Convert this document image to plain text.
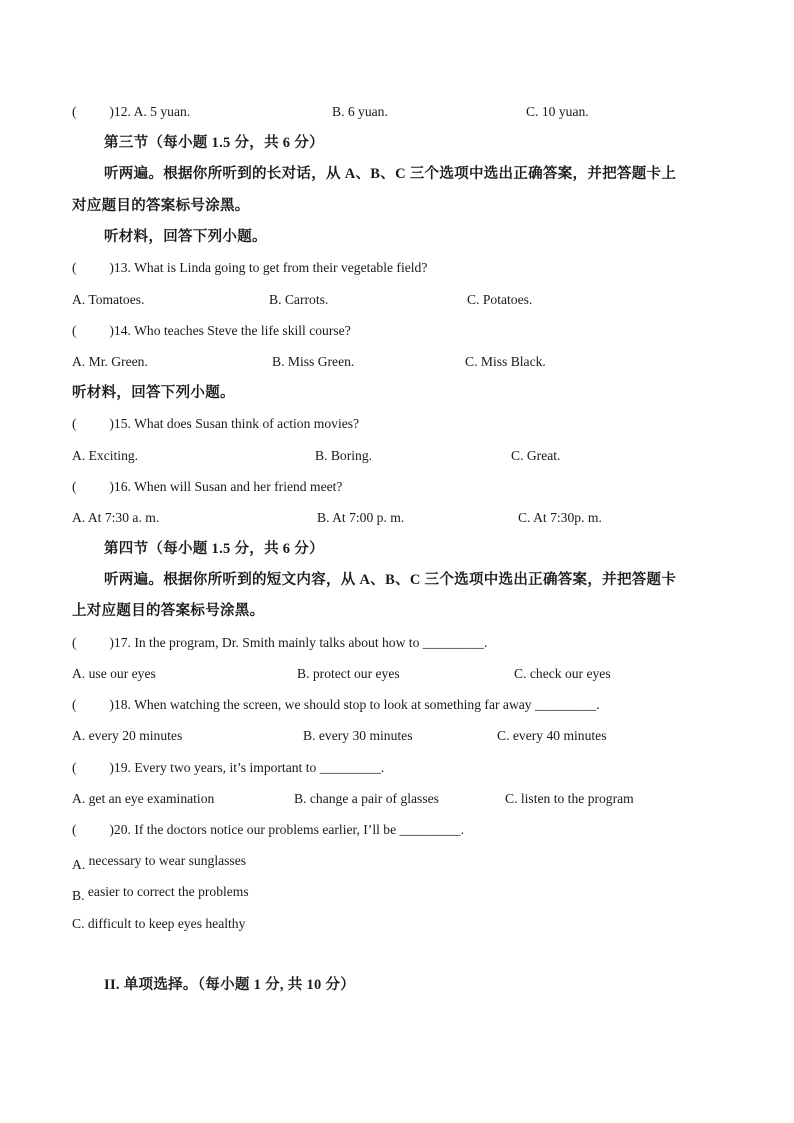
( )12. A. 5 yuan.	B. 6 yuan.	C. 10 yuan.
第三节（每小题 1.5 分，共 6 分）
听两遍。根据你所听到的长对话，从 A、B、C 三个选项中选出正确答案，并把答题卡上
对应题目的答案标号涂黑。
听材料，回答下列小题。
( )13. What is Linda going to get from their vegetable field?
A. Tomatoes.	B. Carrots.	C. Potatoes.
( )14. Who teaches Steve the life skill course?
A. Mr. Green.	B. Miss Green.	C. Miss Black.
听材料，回答下列小题。
( )15. What does Susan think of action movies?
A. Exciting.	B. Boring.	C. Great.
( )16. When will Susan and her friend meet?
A. At 7:30 a. m.	B. At 7:00 p. m.	C. At 7:30p. m.
第四节（每小题 1.5 分，共 6 分）
听两遍。根据你所听到的短文内容，从 A、B、C 三个选项中选出正确答案，并把答题卡
上对应题目的答案标号涂黑。
( )17. In the program, Dr. Smith mainly talks about how to _________.
A. use our eyes	B. protect our eyes	C. check our eyes
( )18. When watching the screen, we should stop to look at something far away _________.
A. every 20 minutes	B. every 30 minutes	C. every 40 minutes
( )19. Every two years, it’s important to _________.
A. get an eye examination	B. change a pair of glasses	C. listen to the program
( )20. If the doctors notice our problems earlier, I’ll be _________.
A. necessary to wear sunglasses
B. easier to correct the problems
C. difficult to keep eyes healthy
II. 单项选择。（每小题 1 分, 共 10 分）
